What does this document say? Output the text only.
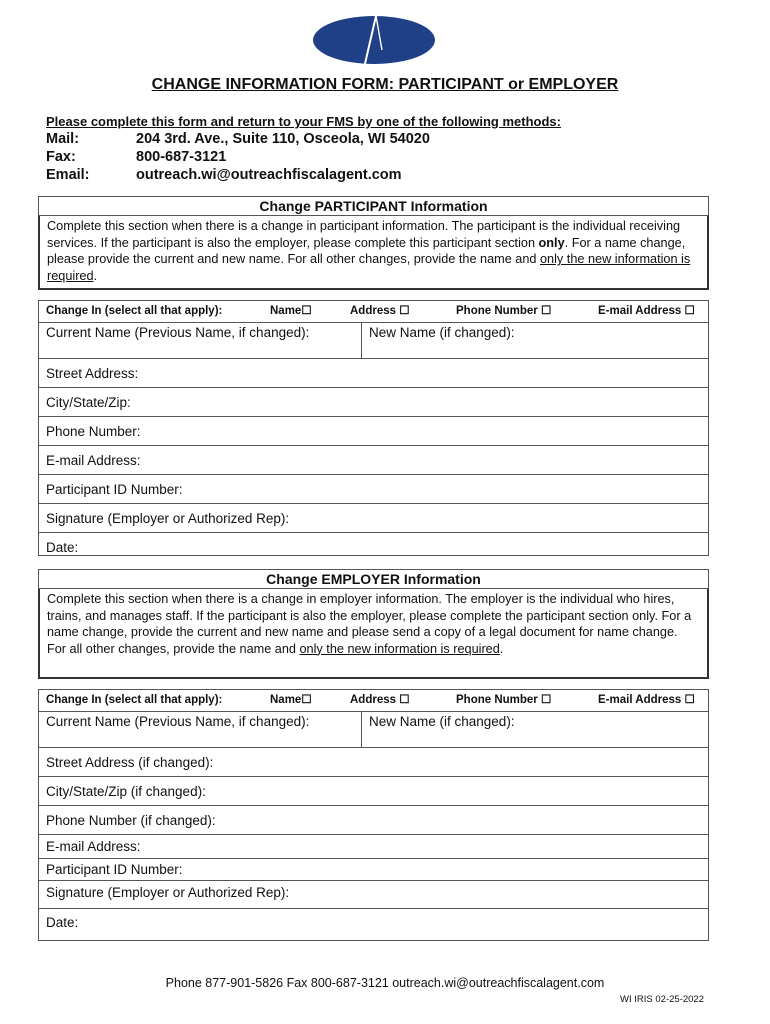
CHANGE INFORMATION FORM: PARTICIPANT or EMPLOYER
Please complete this form and return to your FMS by one of the following methods:
Mail:	204 3rd. Ave., Suite 110, Osceola, WI 54020
Fax:	800-687-3121
Email:	outreach.wi@outreachfiscalagent.com
Change PARTICIPANT Information
Complete this section when there is a change in participant information. The participant is the individual receiving services. If the participant is also the employer, please complete this participant section only. For a name change, please provide the current and new name. For all other changes, provide the name and only the new information is required.
Change In (select all that apply):	Name☐	Address ☐	Phone Number ☐	E-mail Address ☐
Current Name (Previous Name, if changed):	New Name (if changed):
Street Address:
City/State/Zip:
Phone Number:
E-mail Address:
Participant ID Number:
Signature (Employer or Authorized Rep):
Date:
Change EMPLOYER Information
Complete this section when there is a change in employer information. The employer is the individual who hires, trains, and manages staff. If the participant is also the employer, please complete the participant section only. For a name change, provide the current and new name and please send a copy of a legal document for name change. For all other changes, provide the name and only the new information is required.
Change In (select all that apply):	Name☐	Address ☐	Phone Number ☐	E-mail Address ☐
Current Name (Previous Name, if changed):	New Name (if changed):
Street Address (if changed):
City/State/Zip (if changed):
Phone Number (if changed):
E-mail Address:
Participant ID Number:
Signature (Employer or Authorized Rep):
Date:
Phone 877-901-5826 Fax 800-687-3121 outreach.wi@outreachfiscalagent.com
WI IRIS 02-25-2022
